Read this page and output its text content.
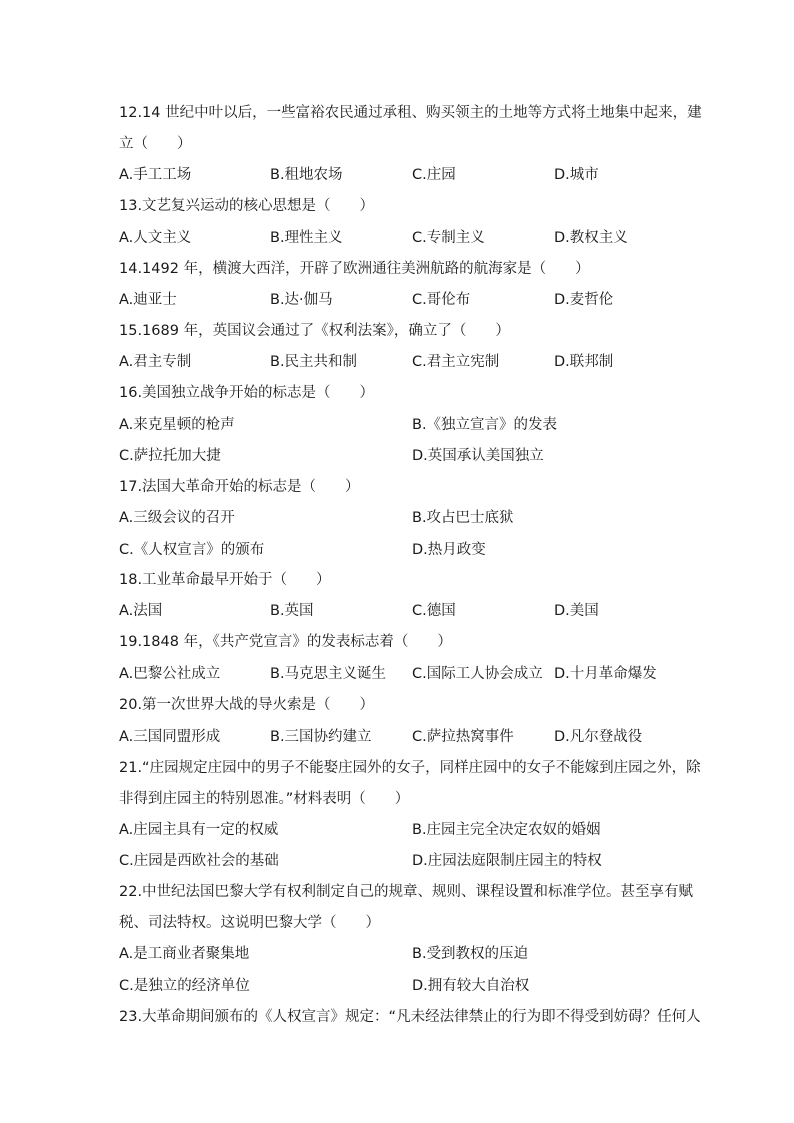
12.14 世纪中叶以后，一些富裕农民通过承租、购买领主的土地等方式将土地集中起来，建
立（　　）
A.手工工场	B.租地农场	C.庄园	D.城市
13.文艺复兴运动的核心思想是（　　）
A.人文主义	B.理性主义	C.专制主义	D.教权主义
14.1492 年，横渡大西洋，开辟了欧洲通往美洲航路的航海家是（　　）
A.迪亚士	B.达·伽马	C.哥伦布	D.麦哲伦
15.1689 年，英国议会通过了《权利法案》，确立了（　　）
A.君主专制	B.民主共和制	C.君主立宪制	D.联邦制
16.美国独立战争开始的标志是（　　）
A.来克星顿的枪声	B.《独立宣言》的发表
C.萨拉托加大捷	D.英国承认美国独立
17.法国大革命开始的标志是（　　）
A.三级会议的召开	B.攻占巴士底狱
C.《人权宣言》的颁布	D.热月政变
18.工业革命最早开始于（　　）
A.法国	B.英国	C.德国	D.美国
19.1848 年，《共产党宣言》的发表标志着（　　）
A.巴黎公社成立	B.马克思主义诞生 C.国际工人协会成立 D.十月革命爆发
20.第一次世界大战的导火索是（　　）
A.三国同盟形成	B.三国协约建立	C.萨拉热窝事件	D.凡尔登战役
21.“庄园规定庄园中的男子不能娶庄园外的女子，同样庄园中的女子不能嫁到庄园之外，除
非得到庄园主的特别恩准。”材料表明（　　）
A.庄园主具有一定的权威	B.庄园主完全决定农奴的婚姻
C.庄园是西欧社会的基础	D.庄园法庭限制庄园主的特权
22.中世纪法国巴黎大学有权利制定自己的规章、规则、课程设置和标准学位。甚至享有赋
税、司法特权。这说明巴黎大学（　　）
A.是工商业者聚集地	B.受到教权的压迫
C.是独立的经济单位	D.拥有较大自治权
23.大革命期间颁布的《人权宣言》规定：“凡未经法律禁止的行为即不得受到妨碍？任何人
